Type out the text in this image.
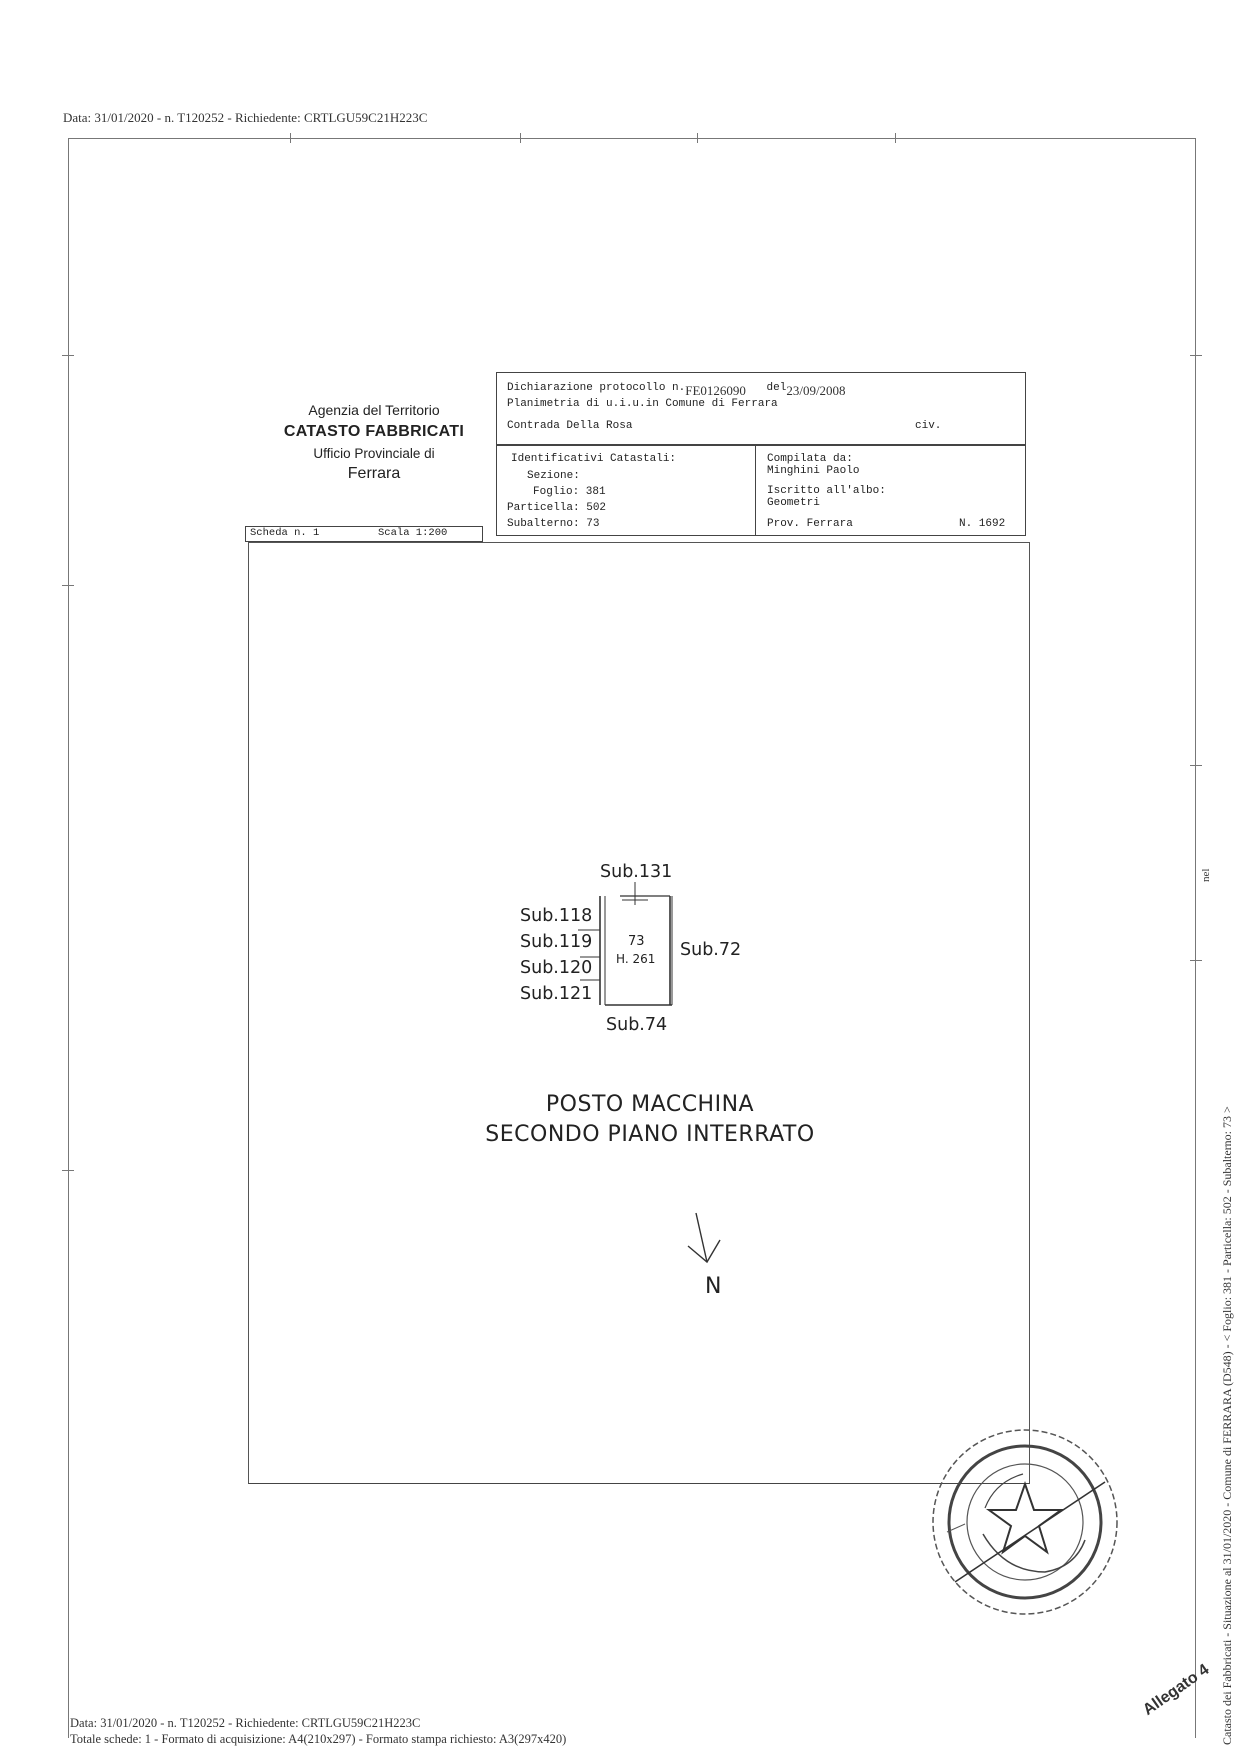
Data: 31/01/2020 - n. T120252 - Richiedente: CRTLGU59C21H223C
Agenzia del Territorio
CATASTO FABBRICATI
Ufficio Provinciale di
Ferrara
Dichiarazione protocollo n.FE0126090 del23/09/2008
Planimetria di u.i.u.in Comune di Ferrara
Contrada Della Rosa	civ.
Identificativi Catastali:
Sezione:
Foglio: 381
Particella: 502
Subalterno: 73
Compilata da:
Minghini Paolo
Iscritto all'albo:
Geometri
Prov. Ferrara	N. 1692
Scheda n. 1	Scala 1:200
Sub.131
Sub.118
Sub.119
Sub.120
Sub.121
Sub.72
Sub.74
73
H. 261
POSTO MACCHINA
SECONDO PIANO INTERRATO
N
Allegato 4 Catasto dei Fabbricati - Situazione al 31/01/2020 - Comune di FERRARA (D548) - < Foglio: 381 - Particella: 502 - Subalterno: 73 >
nel
Data: 31/01/2020 - n. T120252 - Richiedente: CRTLGU59C21H223C
Totale schede: 1 - Formato di acquisizione: A4(210x297) - Formato stampa richiesto: A3(297x420)
